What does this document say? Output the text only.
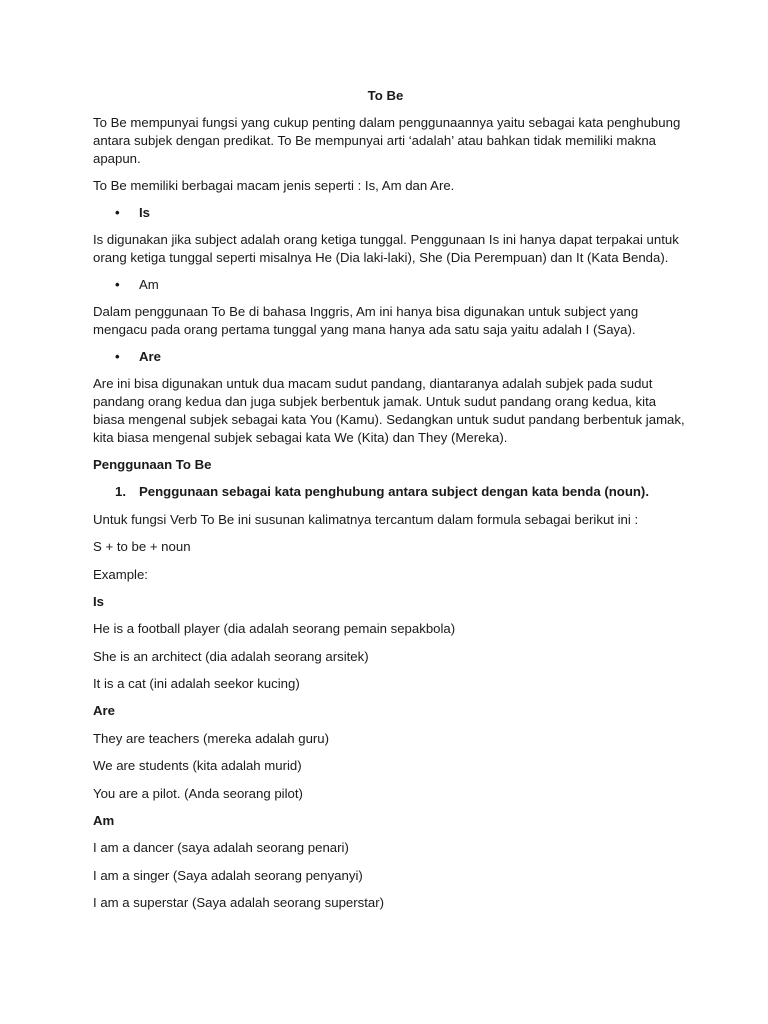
To Be
To Be mempunyai fungsi yang cukup penting dalam penggunaannya yaitu sebagai kata penghubung
antara subjek dengan predikat. To Be mempunyai arti ‘adalah’ atau bahkan tidak memiliki makna
apapun.
To Be memiliki berbagai macam jenis seperti : Is, Am dan Are.
• Is
Is digunakan jika subject adalah orang ketiga tunggal. Penggunaan Is ini hanya dapat terpakai untuk
orang ketiga tunggal seperti misalnya He (Dia laki-laki), She (Dia Perempuan) dan It (Kata Benda).
• Am
Dalam penggunaan To Be di bahasa Inggris, Am ini hanya bisa digunakan untuk subject yang
mengacu pada orang pertama tunggal yang mana hanya ada satu saja yaitu adalah I (Saya).
• Are
Are ini bisa digunakan untuk dua macam sudut pandang, diantaranya adalah subjek pada sudut
pandang orang kedua dan juga subjek berbentuk jamak. Untuk sudut pandang orang kedua, kita
biasa mengenal subjek sebagai kata You (Kamu). Sedangkan untuk sudut pandang berbentuk jamak,
kita biasa mengenal subjek sebagai kata We (Kita) dan They (Mereka).
Penggunaan To Be
1. Penggunaan sebagai kata penghubung antara subject dengan kata benda (noun).
Untuk fungsi Verb To Be ini susunan kalimatnya tercantum dalam formula sebagai berikut ini :
S + to be + noun
Example:
Is
He is a football player (dia adalah seorang pemain sepakbola)
She is an architect (dia adalah seorang arsitek)
It is a cat (ini adalah seekor kucing)
Are
They are teachers (mereka adalah guru)
We are students (kita adalah murid)
You are a pilot. (Anda seorang pilot)
Am
I am a dancer (saya adalah seorang penari)
I am a singer (Saya adalah seorang penyanyi)
I am a superstar (Saya adalah seorang superstar)
